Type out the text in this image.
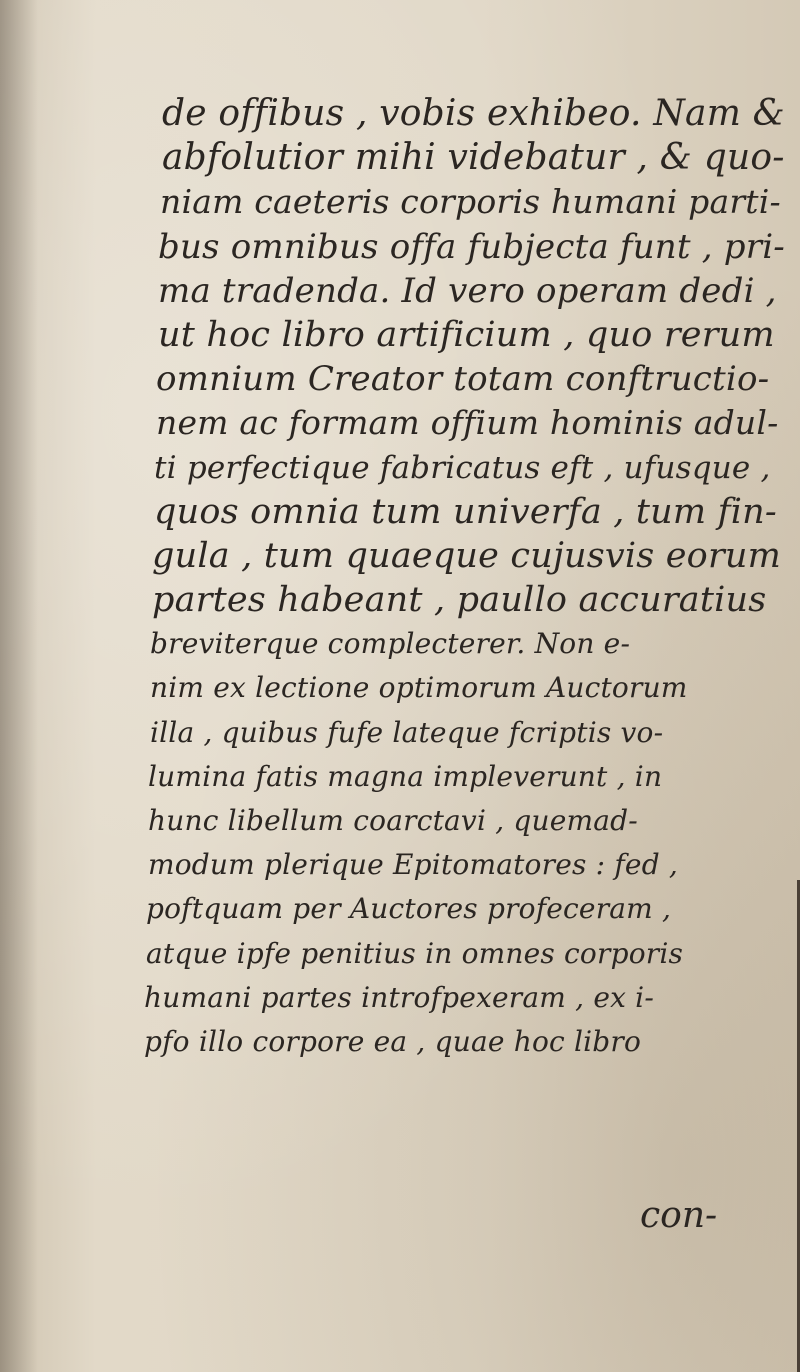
de offibus , vobis exhibeo. Nam &
abfolutior mihi videbatur , & quo-
niam caeteris corporis humani parti-
bus omnibus offa fubjecta funt , pri-
ma tradenda. Id vero operam dedi ,
ut hoc libro artificium , quo rerum
omnium Creator totam conftructio-
nem ac formam offium hominis adul-
ti perfectique fabricatus eft , ufusque ,
quos omnia tum univerfa , tum fin-
gula , tum quaeque cujusvis eorum
partes habeant , paullo accuratius
breviterque complecterer. Non e-
nim ex lectione optimorum Auctorum
illa , quibus fufe lateque fcriptis vo-
lumina fatis magna impleverunt , in
hunc libellum coarctavi , quemad-
modum plerique Epitomatores : fed ,
poftquam per Auctores profeceram ,
atque ipfe penitius in omnes corporis
humani partes introfpexeram , ex i-
pfo illo corpore ea , quae hoc libro
con-
